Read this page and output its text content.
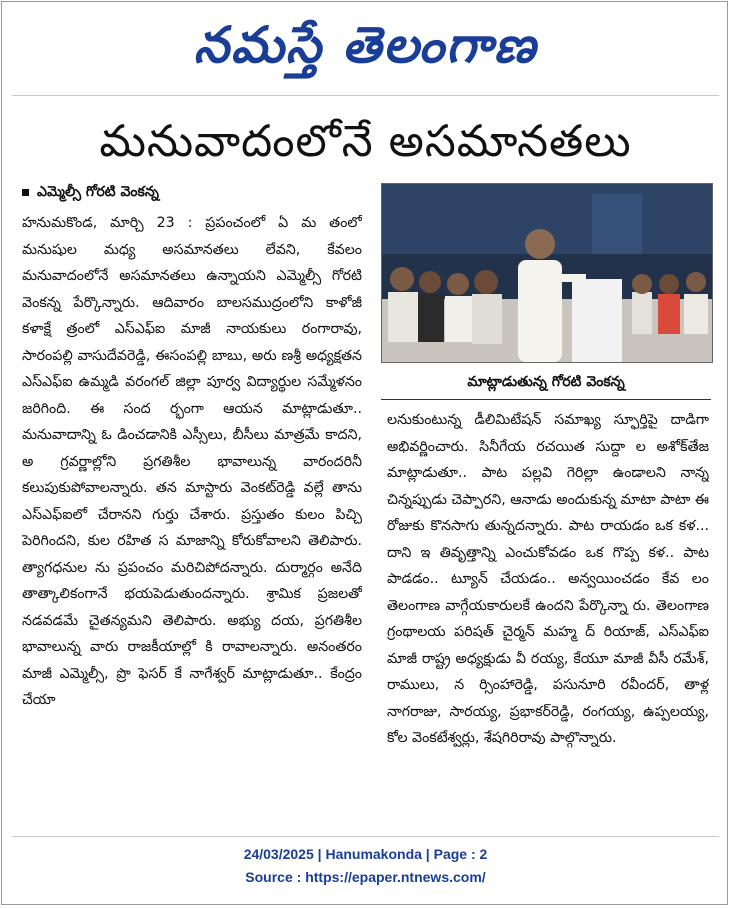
నమస్తే తెలంగాణ
మనువాదంలోనే అసమానతలు
ఎమ్మెల్సీ గోరటి వెంకన్న
హనుమకొండ, మార్చి 23 : ప్రపంచంలో ఏ మ తంలో మనుషుల మధ్య అసమానతలు లేవని, కేవలం మనువాదంలోనే అసమానతలు ఉన్నాయని ఎమ్మెల్సీ గోరటి వెంకన్న పేర్కొన్నారు. ఆదివారం బాలసముద్రంలోని కాళోజీ కళాక్షే త్రంలో ఎస్ఎఫ్ఐ మాజీ నాయకులు రంగారావు, సారంపల్లి వాసుదేవరెడ్డి, ఈసంపల్లి బాబు, అరు ణశ్రీ అధ్యక్షతన ఎస్ఎఫ్ఐ ఉమ్మడి వరంగల్ జిల్లా పూర్వ విద్యార్థుల సమ్మేళనం జరిగింది. ఈ సంద ర్భంగా ఆయన మాట్లాడుతూ.. మనువాదాన్ని ఓ డించడానికి ఎస్సీలు, బీసీలు మాత్రమే కాదని, అ గ్రవర్ణాల్లోని ప్రగతిశీల భావాలున్న వారందరినీ కలుపుకుపోవాలన్నారు. తన మాస్టారు వెంకట్‌రెడ్డి వల్లే తాను ఎస్ఎఫ్ఐలో చేరానని గుర్తు చేశారు. ప్రస్తుతం కులం పిచ్చి పెరిగిందని, కుల రహిత స మాజాన్ని కోరుకోవాలని తెలిపారు. త్యాగధనుల ను ప్రపంచం మరిచిపోదన్నారు. దుర్మార్గం అనేది తాత్కాలికంగానే భయపెడుతుందన్నారు. శ్రామిక ప్రజలతో నడవడమే చైతన్యమని తెలిపారు. అభ్యు దయ, ప్రగతిశీల భావాలున్న వారు రాజకీయాల్లో కి రావాలన్నారు. అనంతరం మాజీ ఎమ్మెల్సీ, ప్రొ ఫెసర్ కే నాగేశ్వర్ మాట్లాడుతూ.. కేంద్రం చేయా
మాట్లాడుతున్న గోరటి వెంకన్న
లనుకుంటున్న డీలిమిటేషన్ సమాఖ్య స్ఫూర్తిపై దాడిగా అభివర్ణించారు. సినీగేయ రచయిత సుద్దా ల అశోక్‌తేజ మాట్లాడుతూ.. పాట పల్లవి గెరిల్లా ఉండాలని నాన్న చిన్నప్పుడు చెప్పారని, ఆనాడు అందుకున్న మాటా పాటా ఈ రోజుకు కొనసాగు తున్నదన్నారు. పాట రాయడం ఒక కళ... దాని ఇ తివృత్తాన్ని ఎంచుకోవడం ఒక గొప్ప కళ.. పాట పాడడం.. ట్యూన్ చేయడం.. అన్వయించడం కేవ లం తెలంగాణ వాగ్గేయకారులకే ఉందని పేర్కొన్నా రు. తెలంగాణ గ్రంథాలయ పరిషత్ చైర్మన్ మహ్మ ద్ రియాజ్, ఎస్ఎఫ్ఐ మాజీ రాష్ట్ర అధ్యక్షుడు వీ రయ్య, కేయూ మాజీ వీసీ రమేశ్, రాములు, న ర్సింహారెడ్డి, పసునూరి రవీందర్, తాళ్ల నాగరాజు, సారయ్య, ప్రభాకర్‌రెడ్డి, రంగయ్య, ఉప్పలయ్య, కోల వెంకటేశ్వర్లు, శేషగిరిరావు పాల్గొన్నారు.
24/03/2025 | Hanumakonda | Page : 2
Source : https://epaper.ntnews.com/
